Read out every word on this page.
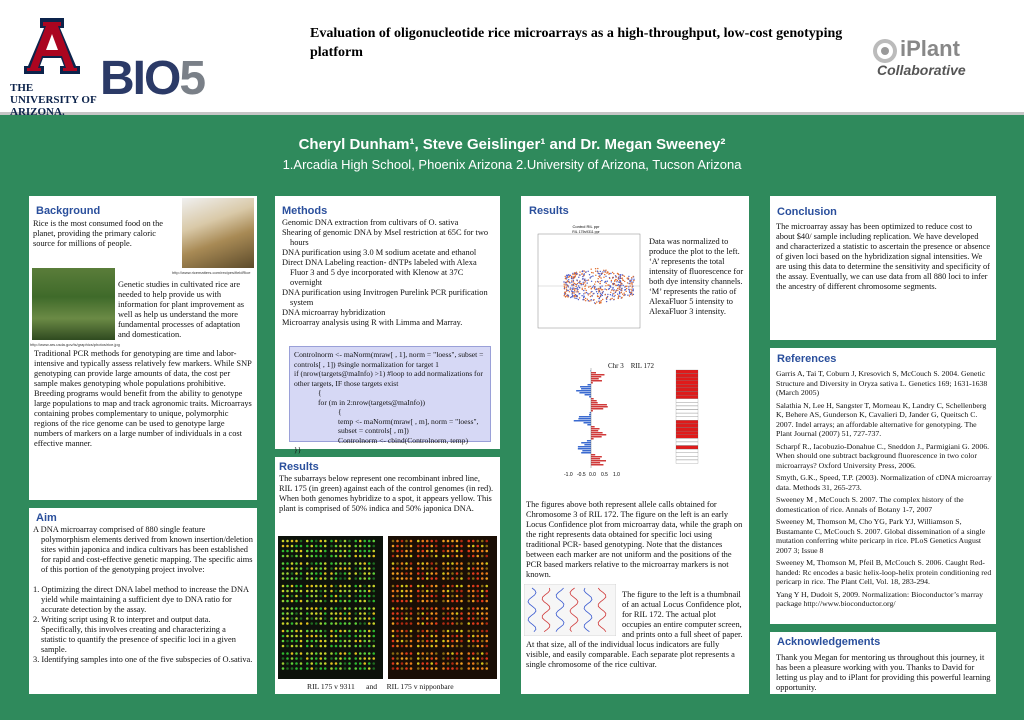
THE UNIVERSITY OF ARIZONA.
BIO5
Evaluation of oligonucleotide rice microarrays as a high-throughput, low-cost genotyping platform	iPlant
Collaborative
Cheryl Dunham¹, Steve Geislinger¹ and Dr. Megan Sweeney²
1.Arcadia High School, Phoenix Arizona 2.University of Arizona, Tucson Arizona
Background
Rice is the most consumed food on the planet, providing the primary caloric source for millions of people.
http://www.ricematters.com/recipes/fieldRice
Genetic studies in cultivated rice are needed to help provide us with information for plant improvement as well as help us understand the more fundamental processes of adaptation and domestication.
http://www.ars.usda.gov/is/graphics/photos/rice.jpg
Traditional PCR methods for genotyping are time and labor-intensive and typically assess relatively few markers. While SNP genotyping can provide large amounts of data, the cost per sample makes genotyping whole populations prohibitive. Breeding programs would benefit from the ability to genotype large populations to map and track agronomic traits. Microarrays containing probes complementary to unique, polymorphic regions of the rice genome can be used to genotype large numbers of markers on a large number of individuals in a cost effective manner.
Aim
A DNA microarray comprised of 880 single feature polymorphism elements derived from known insertion/deletion sites within japonica and indica cultivars has been established for rapid and cost-effective genetic mapping. The specific aims of this portion of the genotyping project involve:
1. Optimizing the direct DNA label method to increase the DNA yield while maintaining a sufficient dye to DNA ratio for accurate detection by the assay.
2. Writing script using R to interpret and output data. Specifically, this involves creating and characterizing a statistic to quantify the presence of specific loci in a given sample.
3. Identifying samples into one of the five subspecies of O.sativa.
Methods
Genomic DNA extraction from cultivars of O. sativa
Shearing of genomic DNA by MseI restriction at 65C for two hours
DNA purification using 3.0 M sodium acetate and ethanol
Direct DNA Labeling reaction- dNTPs labeled with Alexa Fluor 3 and 5 dye incorporated with Klenow at 37C overnight
DNA purification using Invitrogen Purelink PCR purification system
DNA microarray hybridization
Microarray analysis using R with Limma and Marray.
Controlnorm <- maNorm(mraw[ , 1], norm = "loess", subset = controls[ , 1]) #single normalization for target 1
if (nrow(targets@maInfo) >1) #loop to add normalizations for other targets, IF those targets exist
{
for (m in 2:nrow(targets@maInfo))
{
temp <- maNorm(mraw[ , m], norm = "loess", subset = controls[ , m])
Controlnorm <- cbind(Controlnorm, temp)
}}
Results
The subarrays below represent one recombinant inbred line, RIL 175 (in green) against each of the control genomes (in red). When both genomes hybridize to a spot, it appears yellow. This plant is comprised of 50% indica and 50% japonica DNA.
RIL 175 v 9311      and     RIL 175 v nipponbare
Results
Control RIL ppr
RIL 175v9311 ppr
Data was normalized to produce the plot to the left. ‘A’ represents the total intensity of fluorescence for both dye intensity channels. ‘M’ represents the ratio of AlexaFluor 5 intensity to AlexaFluor 3 intensity.
Chr 3    RIL 172
-1.0 -0.5 0.0 0.5 1.0
The figures above both represent allele calls obtained for Chromosome 3 of RIL 172. The figure on the left is an early Locus Confidence plot from microarray data, while the graph on the right represents data obtained for specific loci using traditional PCR- based genotyping. Note that the distances between each marker are not uniform and the positions of the PCR based markers relative to the microarray markers is not known.
The figure to the left is a thumbnail of an actual Locus Confidence plot, for RIL 172. The actual plot occupies an entire computer screen, and prints onto a full sheet of paper. At that size, all of the individual locus indicators are fully visible, and easily comparable. Each separate plot represents a single chromosome of the rice cultivar.
Conclusion
The microarray assay has been optimized to reduce cost to about $40/ sample including replication. We have developed and characterized a statistic to ascertain the presence or absence of given loci based on the hybridization signal intensities. We are using this data to determine the sensitivity and specificity of the assay. Eventually, we can use data from all 880 loci to infer the ancestry of different chromosome segments.
References
Garris A, Tai T, Coburn J, Kresovich S, McCouch S. 2004. Genetic Structure and Diversity in Oryza sativa L. Genetics 169; 1631-1638 (March 2005)
Salathia N, Lee H, Sangster T, Morneau K, Landry C, Schellenberg K, Behere AS, Gunderson K, Cavalieri D, Jander G, Queitsch C. 2007. Indel arrays; an affordable alternative for genotyping. The Plant Journal (2007) 51, 727-737.
Scharpf R., Iacobuzio-Donahue C., Sneddon J., Parmigiani G. 2006. When should one subtract background fluorescence in two color microarrays? Oxford University Press, 2006.
Smyth, G.K., Speed, T.P. (2003). Normalization of cDNA microarray data. Methods 31, 265-273.
Sweeney M , McCouch S. 2007. The complex history of the domestication of rice. Annals of Botany 1-7, 2007
Sweeney M, Thomson M, Cho YG, Park YJ, Williamson S, Bustamante C, McCouch S. 2007. Global dissemination of a single mutation conferring white pericarp in rice. PLoS Genetics August 2007 3; Issue 8
Sweeney M, Thomson M, Pfeil B, McCouch S. 2006. Caught Red-handed: Rc encodes a basic helix-loop-helix protein conditioning red pericarp in rice. The Plant Cell, Vol. 18, 283-294.
Yang Y H, Dudoit S, 2009. Normalization: Bioconductor’s marray package http://www.bioconductor.org/
Acknowledgements
Thank you Megan for mentoring us throughout this journey, it has been a pleasure working with you. Thanks to David for letting us play and to iPlant for providing this powerful learning opportunity.
